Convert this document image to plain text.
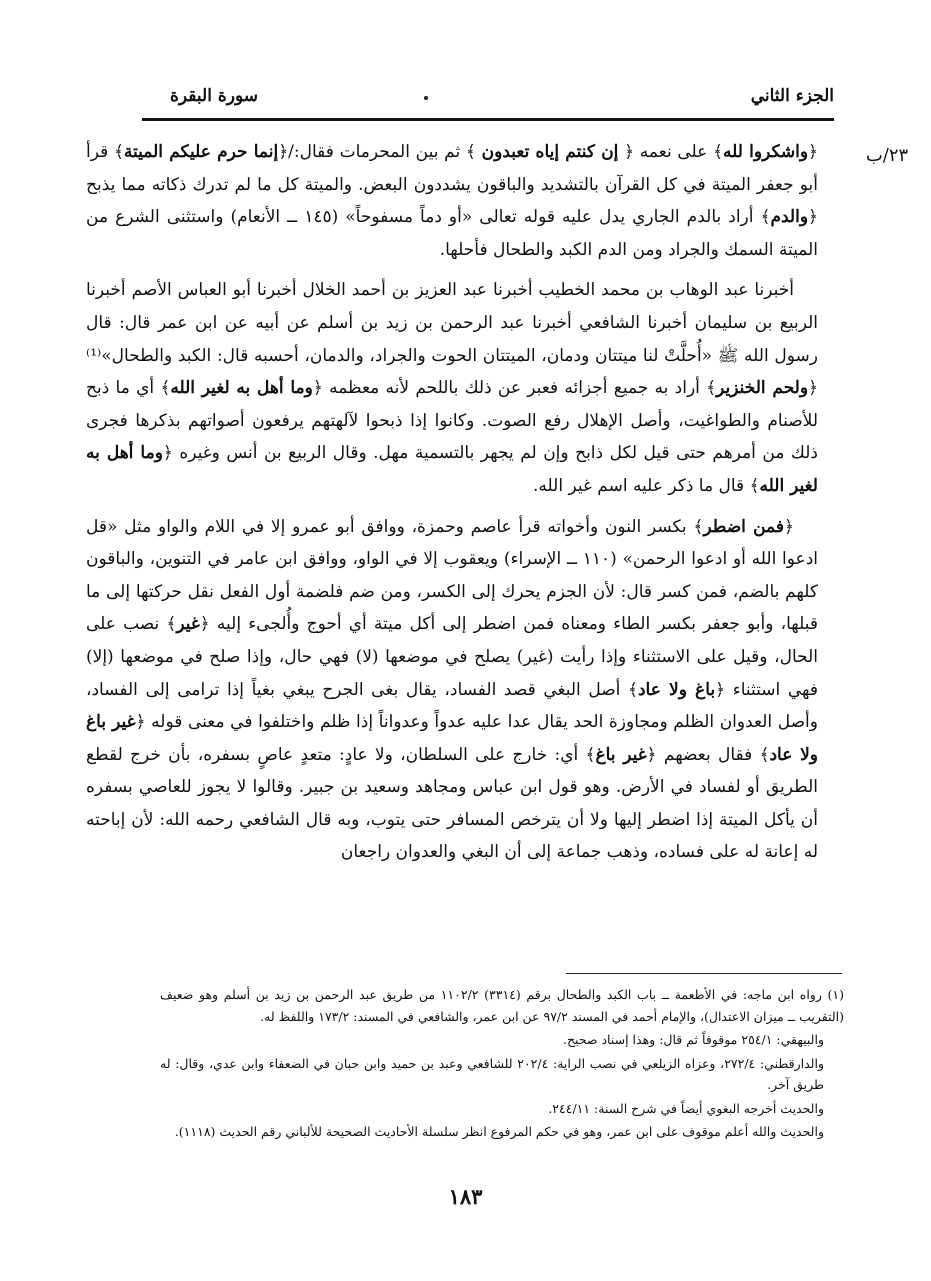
الجزء الثاني
سورة البقرة
٢٣/ب

﴿واشكروا لله﴾ على نعمه ﴿ إن كنتم إياه تعبدون ﴾ ثم بين المحرمات فقال:/﴿إنما حرم عليكم الميتة﴾ قرأ أبو جعفر الميتة في كل القرآن بالتشديد والباقون يشددون البعض. والميتة كل ما لم تدرك ذكاته مما يذبح ﴿والدم﴾ أراد بالدم الجاري يدل عليه قوله تعالى «أو دماً مسفوحاً» (١٤٥ ــ الأنعام) واستثنى الشرع من الميتة السمك والجراد ومن الدم الكبد والطحال فأحلها.

أخبرنا عبد الوهاب بن محمد الخطيب أخبرنا عبد العزيز بن أحمد الخلال أخبرنا أبو العباس الأصم أخبرنا الربيع بن سليمان أخبرنا الشافعي أخبرنا عبد الرحمن بن زيد بن أسلم عن أبيه عن ابن عمر قال: قال رسول الله ﷺ «أُحلَّتْ لنا ميتتان ودمان، الميتتان الحوت والجراد، والدمان، أحسبه قال: الكبد والطحال»⁽¹⁾ ﴿ولحم الخنزير﴾ أراد به جميع أجزائه فعبر عن ذلك باللحم لأنه معظمه ﴿وما أهل به لغير الله﴾ أي ما ذبح للأصنام والطواغيت، وأصل الإهلال رفع الصوت. وكانوا إذا ذبحوا لآلهتهم يرفعون أصواتهم بذكرها فجرى ذلك من أمرهم حتى قيل لكل ذابح وإن لم يجهر بالتسمية مهل. وقال الربيع بن أنس وغيره ﴿وما أهل به لغير الله﴾ قال ما ذكر عليه اسم غير الله.

﴿فمن اضطر﴾ بكسر النون وأخواته قرأ عاصم وحمزة، ووافق أبو عمرو إلا في اللام والواو مثل «قل ادعوا الله أو ادعوا الرحمن» (١١٠ ــ الإسراء) ويعقوب إلا في الواو، ووافق ابن عامر في التنوين، والباقون كلهم بالضم، فمن كسر قال: لأن الجزم يحرك إلى الكسر، ومن ضم فلضمة أول الفعل نقل حركتها إلى ما قبلها، وأبو جعفر بكسر الطاء ومعناه فمن اضطر إلى أكل ميتة أي أحوج وأُلجىء إليه ﴿غير﴾ نصب على الحال، وقيل على الاستثناء وإذا رأيت (غير) يصلح في موضعها (لا) فهي حال، وإذا صلح في موضعها (إلا) فهي استثناء ﴿باغ ولا عاد﴾ أصل البغي قصد الفساد، يقال بغى الجرح يبغي بغياً إذا ترامى إلى الفساد، وأصل العدوان الظلم ومجاوزة الحد يقال عدا عليه عدواً وعدواناً إذا ظلم واختلفوا في معنى قوله ﴿غير باغ ولا عاد﴾ فقال بعضهم ﴿غير باغ﴾ أي: خارج على السلطان، ولا عادٍ: متعدٍ عاصٍ بسفره، بأن خرج لقطع الطريق أو لفساد في الأرض. وهو قول ابن عباس ومجاهد وسعيد بن جبير. وقالوا لا يجوز للعاصي بسفره أن يأكل الميتة إذا اضطر إليها ولا أن يترخص المسافر حتى يتوب، وبه قال الشافعي رحمه الله: لأن إباحته له إعانة له على فساده، وذهب جماعة إلى أن البغي والعدوان راجعان

(١) رواه ابن ماجه: في الأطعمة ــ باب الكبد والطحال برقم (٣٣١٤) ١١٠٢/٢ من طريق عبد الرحمن بن زيد بن أسلم وهو ضعيف (التقريب ــ ميزان الاعتدال)، والإمام أحمد في المسند ٩٧/٢ عن ابن عمر، والشافعي في المسند: ١٧٣/٢ واللفظ له.

والبيهقي: ٢٥٤/١ موقوفاً ثم قال: وهذا إسناد صحيح.

والدارقطني: ٢٧٢/٤، وعزاه الزيلعي في نصب الراية: ٢٠٢/٤ للشافعي وعبد بن حميد وابن حبان في الضعفاء وابن عدي، وقال: له طريق آخر.

والحديث أخرجه البغوي أيضاً في شرح السنة: ٢٤٤/١١.

والحديث والله أعلم موقوف على ابن عمر، وهو في حكم المرفوع انظر سلسلة الأحاديث الصحيحة للألباني رقم الحديث (١١١٨).

١٨٣
